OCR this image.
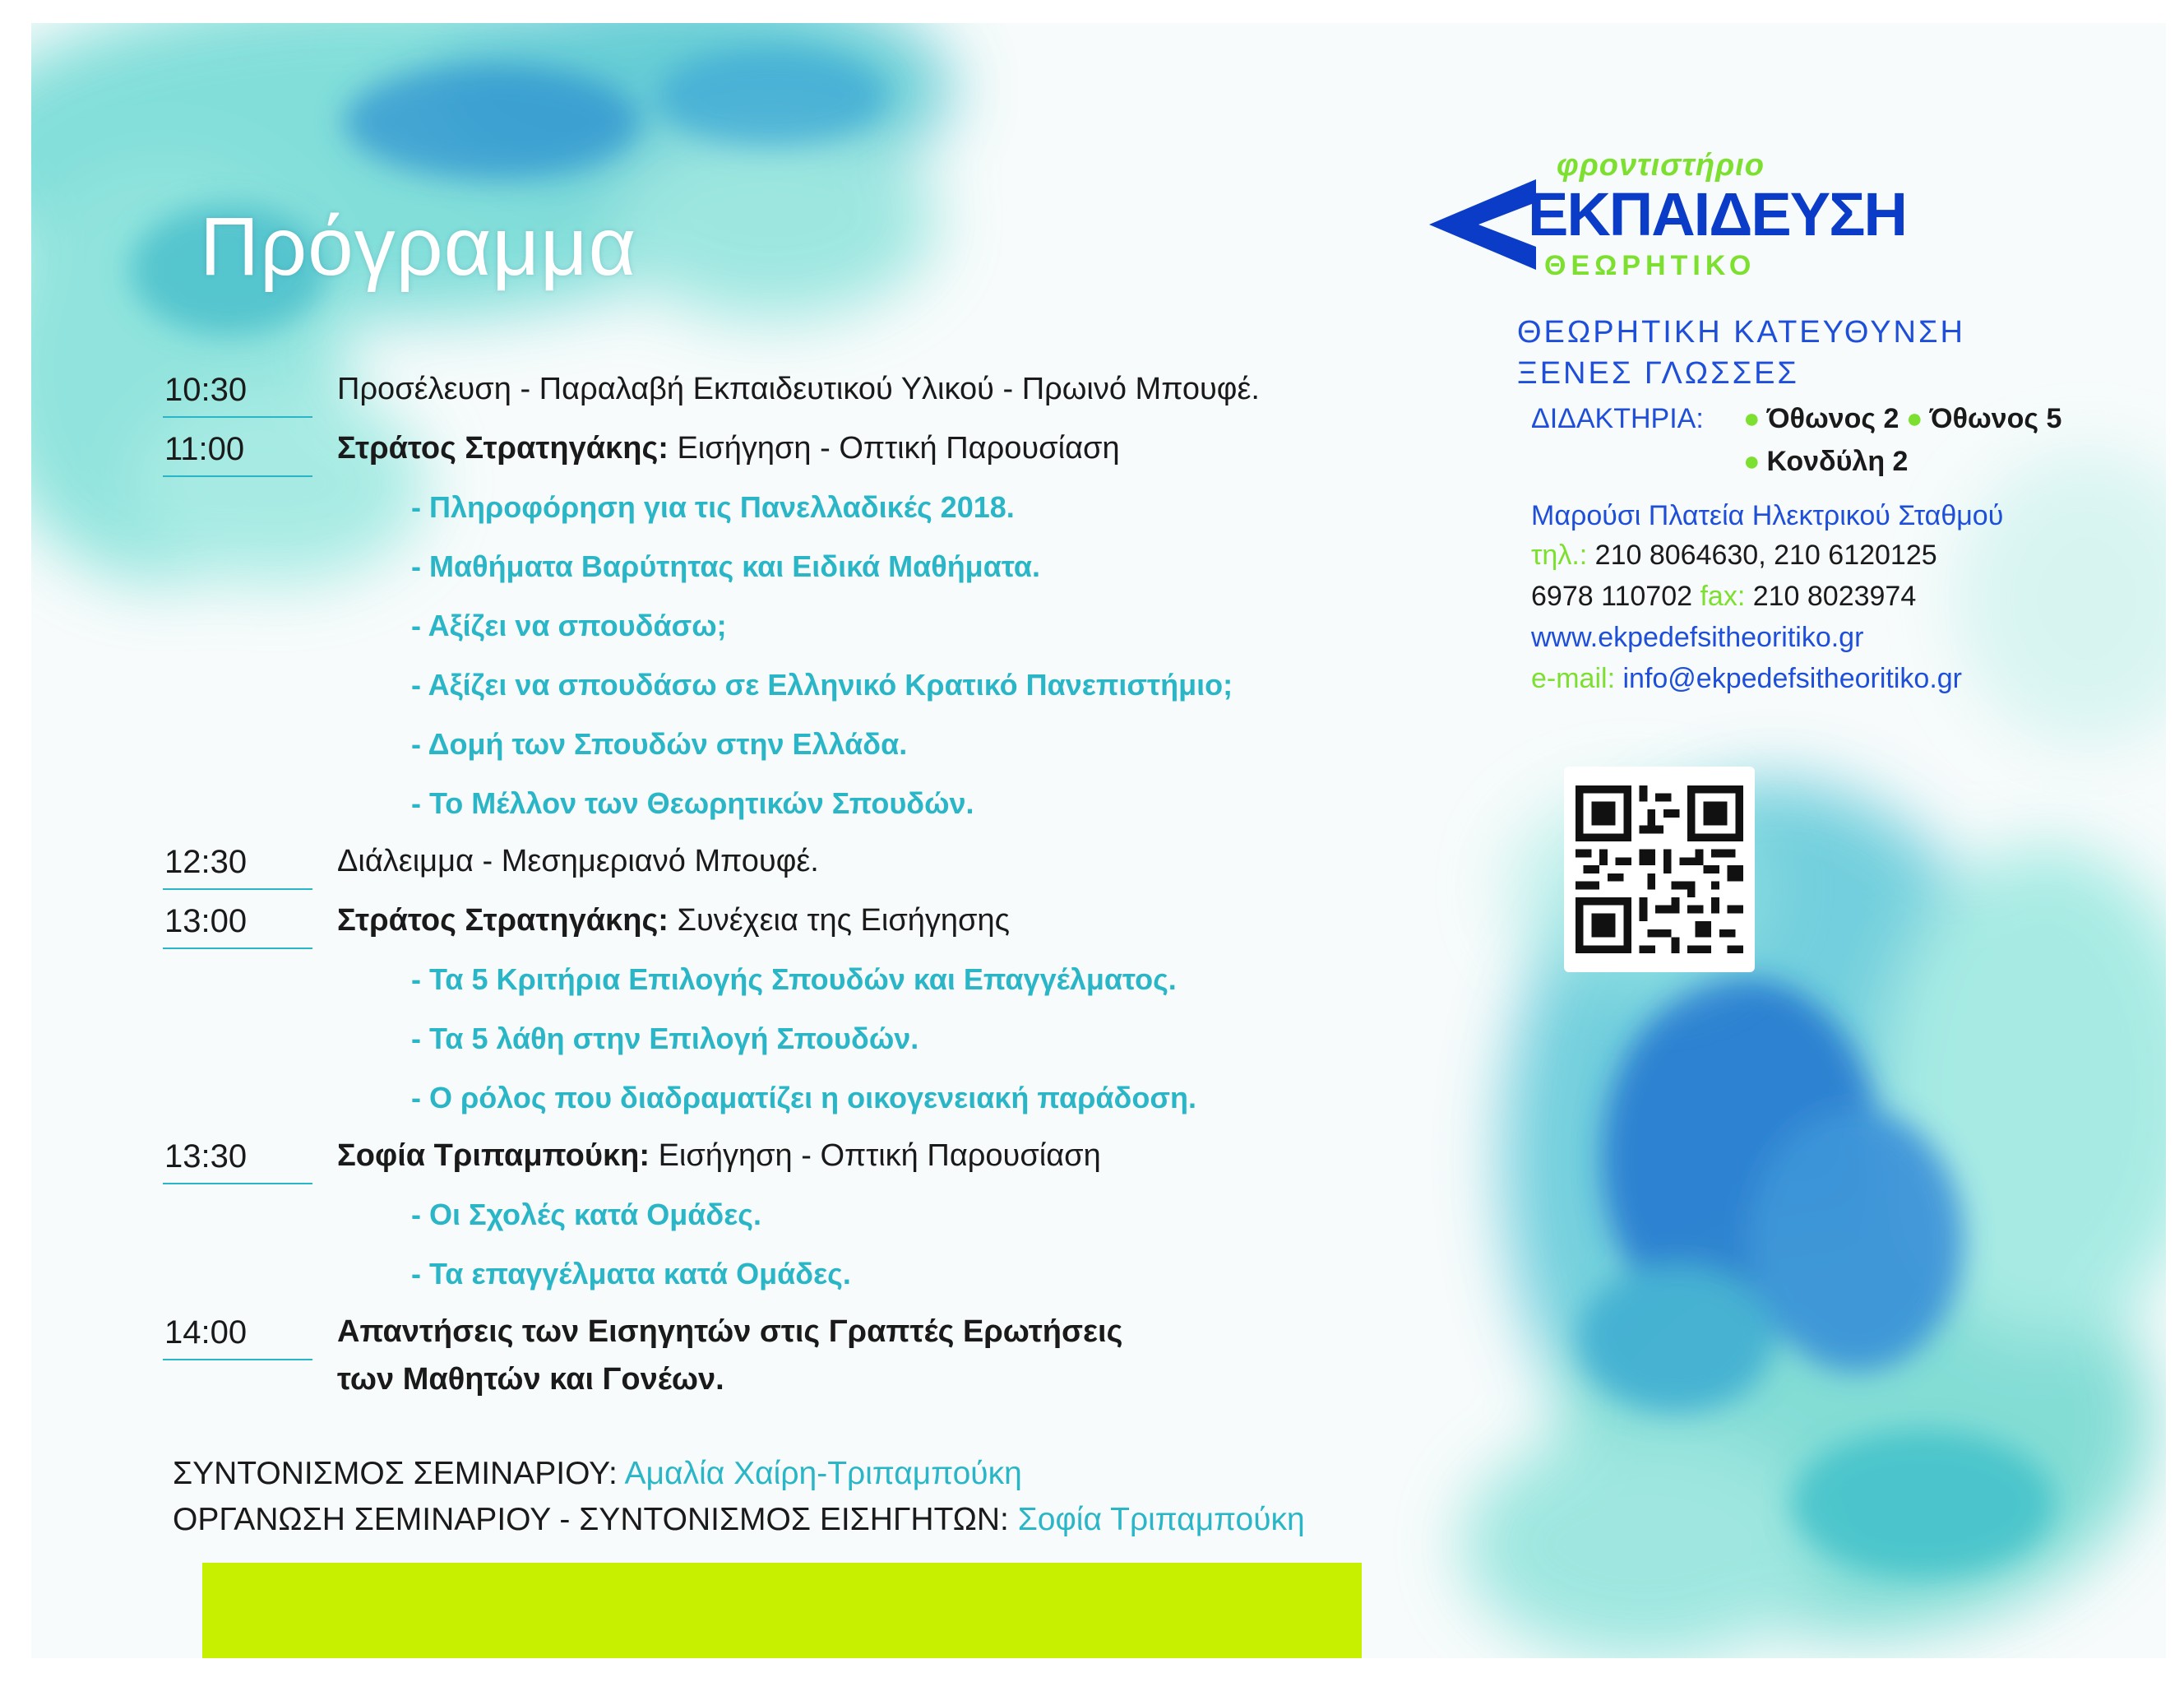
Πρόγραμμα
10:30	Προσέλευση - Παραλαβή Εκπαιδευτικού Υλικού - Πρωινό Μπουφέ.
11:00	Στράτος Στρατηγάκης: Εισήγηση - Οπτική Παρουσίαση
- Πληροφόρηση για τις Πανελλαδικές 2018.
- Μαθήματα Βαρύτητας και Ειδικά Μαθήματα.
- Αξίζει να σπουδάσω;
- Αξίζει να σπουδάσω σε Ελληνικό Κρατικό Πανεπιστήμιο;
- Δομή των Σπουδών στην Ελλάδα.
- Το Μέλλον των Θεωρητικών Σπουδών.
12:30	Διάλειμμα - Μεσημεριανό Μπουφέ.
13:00	Στράτος Στρατηγάκης: Συνέχεια της Εισήγησης
- Τα 5 Κριτήρια Επιλογής Σπουδών και Επαγγέλματος.
- Τα 5 λάθη στην Επιλογή Σπουδών.
- Ο ρόλος που διαδραματίζει η οικογενειακή παράδοση.
13:30	Σοφία Τριπαμπούκη: Εισήγηση - Οπτική Παρουσίαση
- Οι Σχολές κατά Ομάδες.
- Τα επαγγέλματα κατά Ομάδες.
14:00	Απαντήσεις των Εισηγητών στις Γραπτές Ερωτήσεις
των Μαθητών και Γονέων.
ΣΥΝΤΟΝΙΣΜΟΣ ΣΕΜΙΝΑΡΙΟΥ: Αμαλία Χαίρη-Τριπαμπούκη
ΟΡΓΑΝΩΣΗ ΣΕΜΙΝΑΡΙΟΥ - ΣΥΝΤΟΝΙΣΜΟΣ ΕΙΣΗΓΗΤΩΝ: Σοφία Τριπαμπούκη
φροντιστήριο
ΕΚΠΑΙΔΕΥΣΗ
ΘΕΩΡΗΤΙΚΟ
ΘΕΩΡΗΤΙΚΗ ΚΑΤΕΥΘΥΝΣΗ
ΞΕΝΕΣ ΓΛΩΣΣΕΣ
ΔΙΔΑΚΤΗΡΙΑ: ● Όθωνος 2 ● Όθωνος 5
● Κονδύλη 2
Μαρούσι Πλατεία Ηλεκτρικού Σταθμού
τηλ.: 210 8064630, 210 6120125
6978 110702 fax: 210 8023974
www.ekpedefsitheoritiko.gr
e-mail: info@ekpedefsitheoritiko.gr
